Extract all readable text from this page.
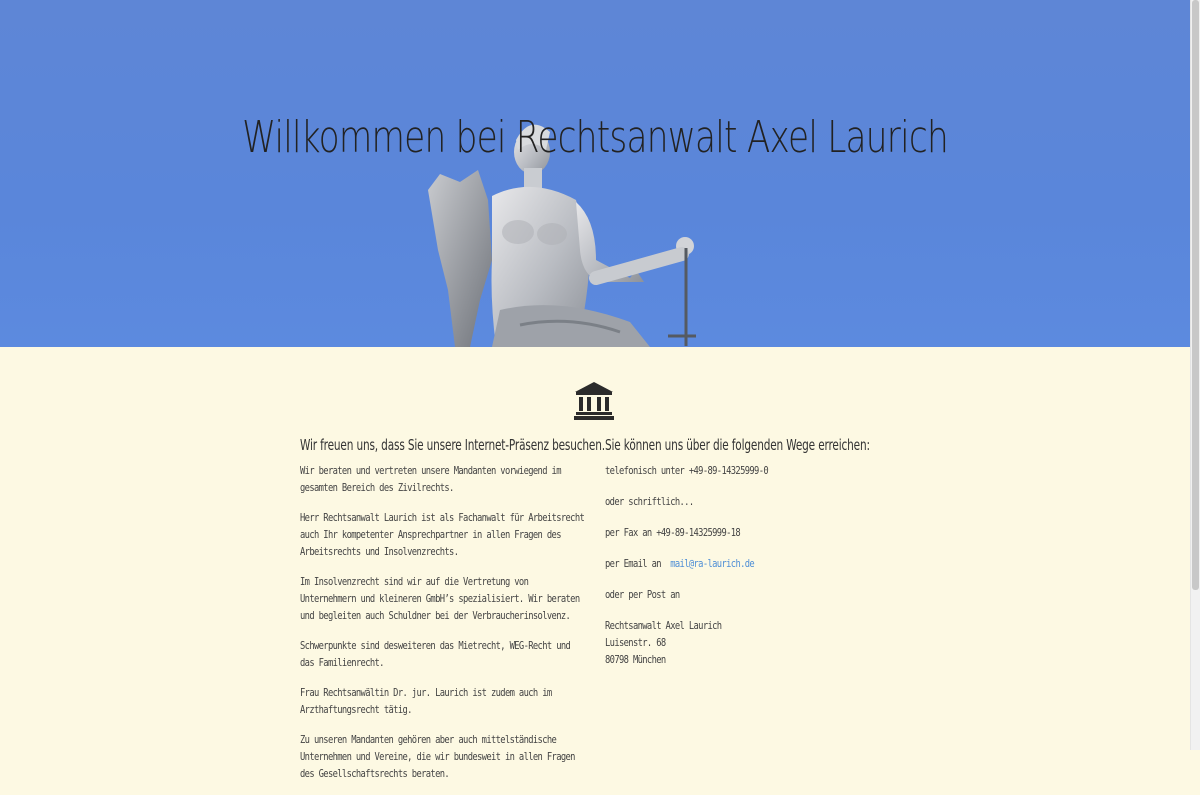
Willkommen bei Rechtsanwalt Axel Laurich
Wir freuen uns, dass Sie unsere Internet-Präsenz besuchen.

Wir beraten und vertreten unsere Mandanten vorwiegend im gesamten Bereich des Zivilrechts.

Herr Rechtsanwalt Laurich ist als Fachanwalt für Arbeitsrecht auch Ihr kompetenter Ansprechpartner in allen Fragen des Arbeitsrechts und Insolvenzrechts.

Im Insolvenzrecht sind wir auf die Vertretung von Unternehmern und kleineren GmbH’s spezialisiert. Wir beraten und begleiten auch Schuldner bei der Verbraucherinsolvenz.

Schwerpunkte sind desweiteren das Mietrecht, WEG-Recht und das Familienrecht.

Frau Rechtsanwältin Dr. jur. Laurich ist zudem auch im Arzthaftungsrecht tätig.

Zu unseren Mandanten gehören aber auch mittelständische Unternehmen und Vereine, die wir bundesweit in allen Fragen des Gesellschaftsrechts beraten.

Sie können uns über die folgenden Wege erreichen:

telefonisch unter +49-89-14325999-0

oder schriftlich...

per Fax an +49-89-14325999-18

per Email an mail@ra-laurich.de

oder per Post an

Rechtsanwalt Axel Laurich
Luisenstr. 68
80798 München
